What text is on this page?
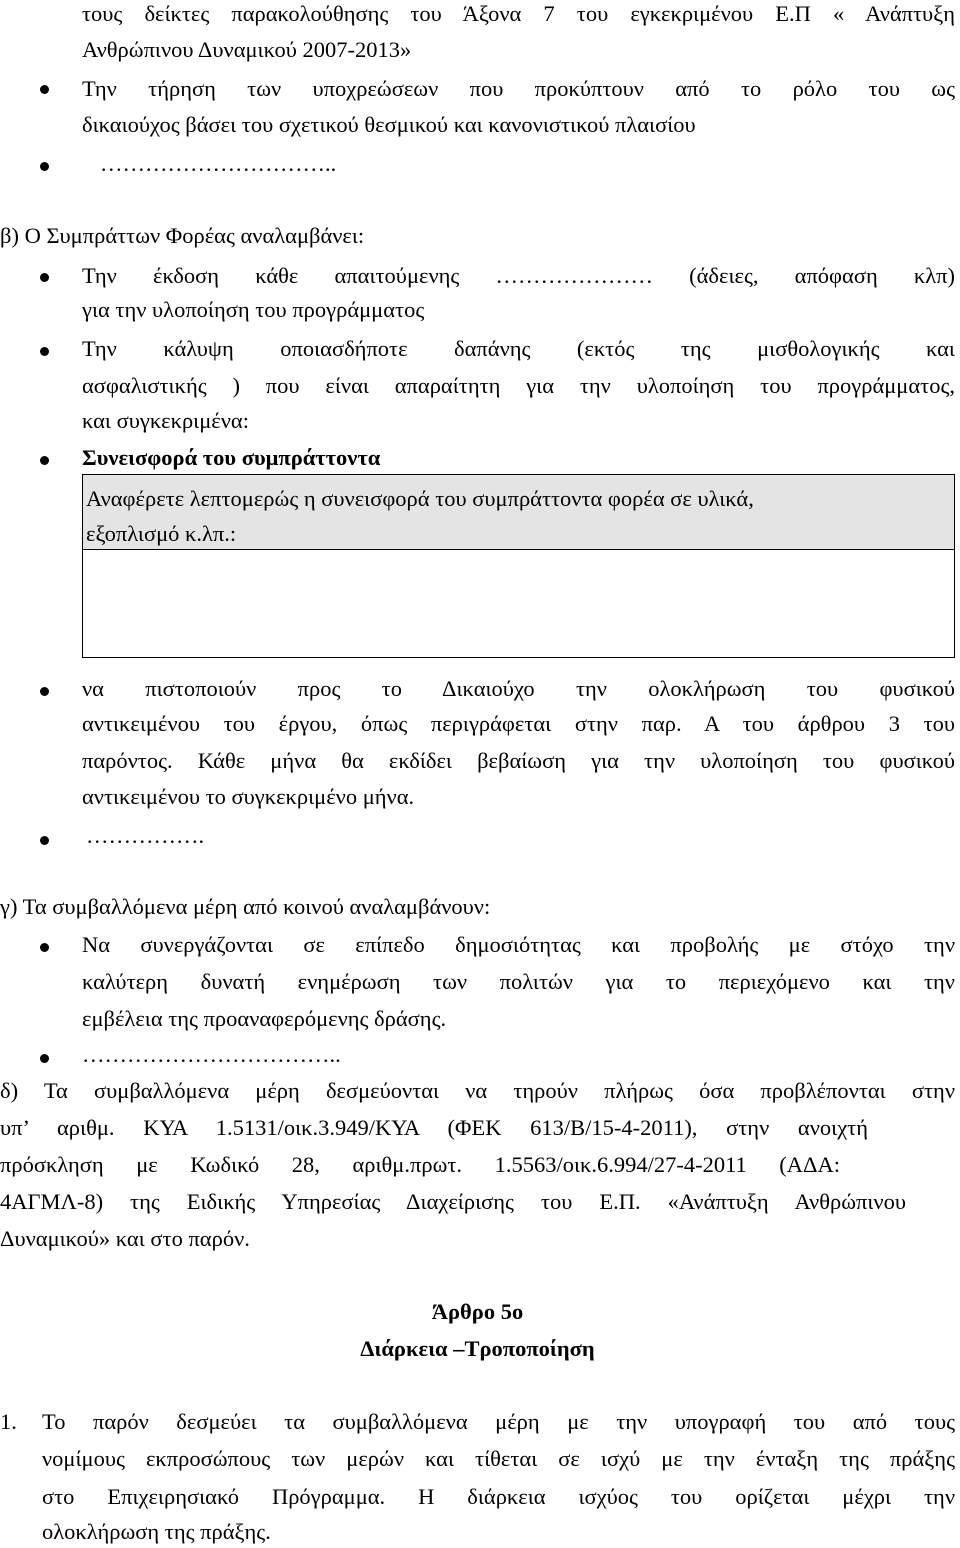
τους δείκτες παρακολούθησης του Άξονα 7 του εγκεκριμένου Ε.Π « Ανάπτυξη
Ανθρώπινου Δυναμικού 2007-2013»
Την τήρηση των υποχρεώσεων που προκύπτουν από το ρόλο του ως
δικαιούχος βάσει του σχετικού θεσμικού και κανονιστικού πλαισίου
…………………………..
β) Ο Συμπράττων Φορέας αναλαμβάνει:
Την έκδοση κάθε απαιτούμενης ………………… (άδειες, απόφαση κλπ)
για την υλοποίηση του προγράμματος
Την κάλυψη οποιασδήποτε δαπάνης (εκτός της μισθολογικής και
ασφαλιστικής ) που είναι απαραίτητη για την υλοποίηση του προγράμματος,
και συγκεκριμένα:
Συνεισφορά του συμπράττοντα
Αναφέρετε λεπτομερώς η συνεισφορά του συμπράττοντα φορέα σε υλικά,
εξοπλισμό κ.λπ.:
να πιστοποιούν προς το Δικαιούχο την ολοκλήρωση του φυσικού
αντικειμένου του έργου, όπως περιγράφεται στην παρ. Α του άρθρου 3 του
παρόντος. Κάθε μήνα θα εκδίδει βεβαίωση για την υλοποίηση του φυσικού
αντικειμένου το συγκεκριμένο μήνα.
…………….
γ) Τα συμβαλλόμενα μέρη από κοινού αναλαμβάνουν:
Να συνεργάζονται σε επίπεδο δημοσιότητας και προβολής με στόχο την
καλύτερη δυνατή ενημέρωση των πολιτών για το περιεχόμενο και την
εμβέλεια της προαναφερόμενης δράσης.
……………………………..
δ) Τα συμβαλλόμενα μέρη δεσμεύονται να τηρούν πλήρως όσα προβλέπονται στην
υπ’ αριθμ. ΚΥΑ 1.5131/οικ.3.949/ΚΥΑ (ΦΕΚ 613/Β/15-4-2011), στην ανοιχτή
πρόσκληση με Κωδικό 28, αριθμ.πρωτ. 1.5563/οικ.6.994/27-4-2011 (ΑΔΑ:
4ΑΓΜΛ-8) της Ειδικής Υπηρεσίας Διαχείρισης του Ε.Π. «Ανάπτυξη Ανθρώπινου
Δυναμικού» και στο παρόν.
Άρθρο 5ο
Διάρκεια –Τροποποίηση
1. Το παρόν δεσμεύει τα συμβαλλόμενα μέρη με την υπογραφή του από τους
νομίμους εκπροσώπους των μερών και τίθεται σε ισχύ με την ένταξη της πράξης
στο Επιχειρησιακό Πρόγραμμα. Η διάρκεια ισχύος του ορίζεται μέχρι την
ολοκλήρωση της πράξης.
